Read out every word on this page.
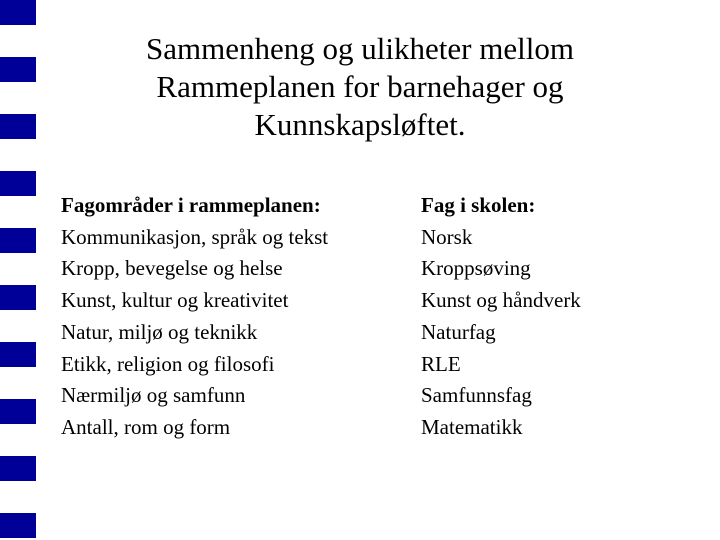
Sammenheng og ulikheter mellom
Rammeplanen for barnehager og
Kunnskapsløftet.
Fagområder i rammeplanen:
Kommunikasjon, språk og tekst
Kropp, bevegelse og helse
Kunst, kultur og kreativitet
Natur, miljø og teknikk
Etikk, religion og filosofi
Nærmiljø og samfunn
Antall, rom og form
Fag i skolen:
Norsk
Kroppsøving
Kunst og håndverk
Naturfag
RLE
Samfunnsfag
Matematikk
